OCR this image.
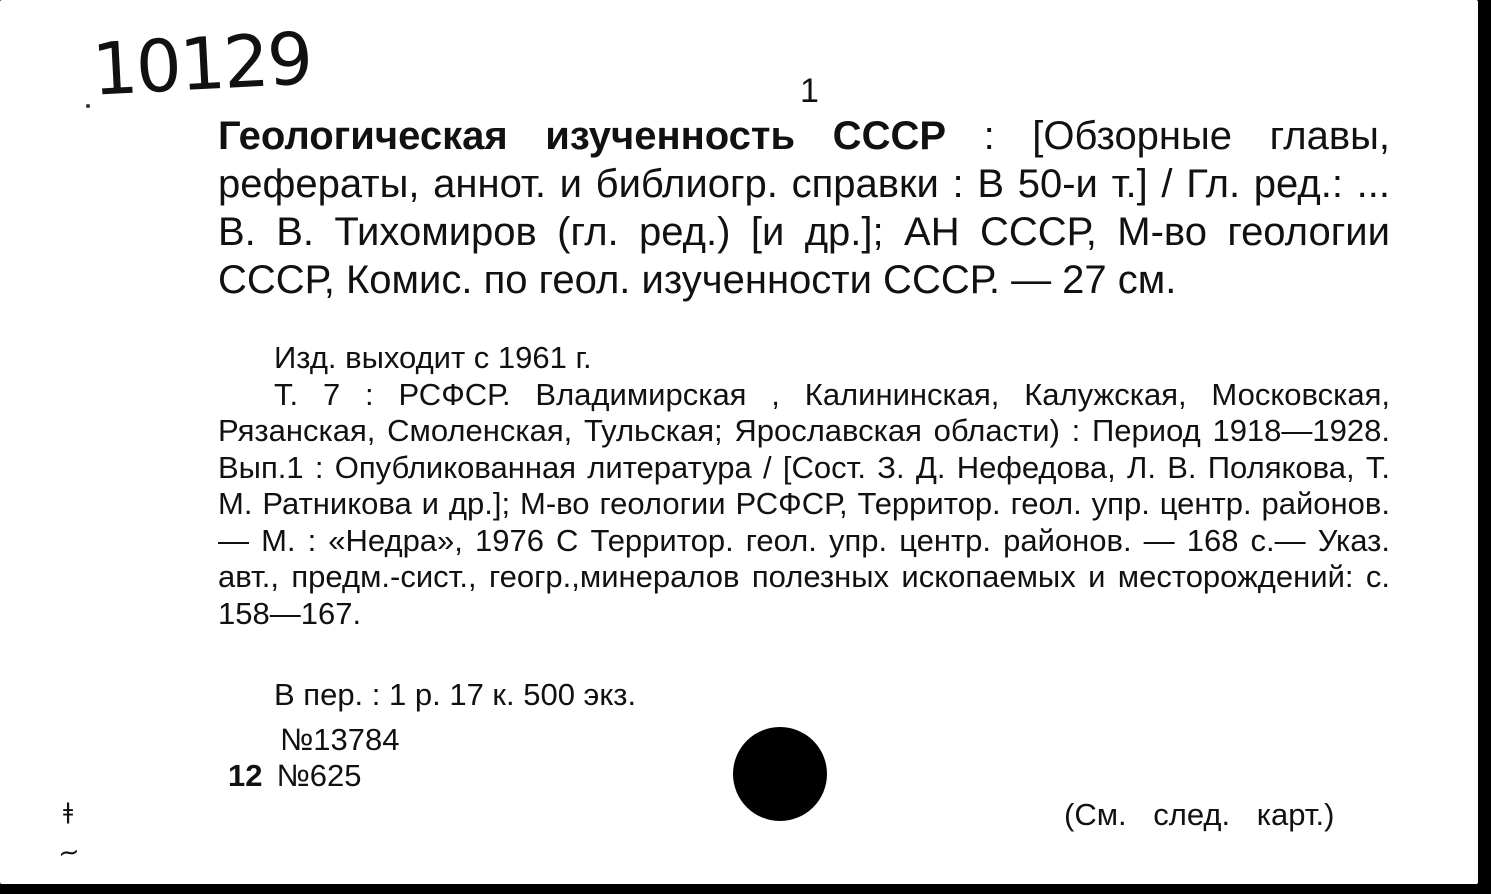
10129	1
Геологическая изученность СССР : [Обзорные главы, рефераты, аннот. и библиогр. справки : В 50-и т.] / Гл. ред.: ... В. В. Тихомиров (гл. ред.) [и др.]; АН СССР, М-во геологии СССР, Комис. по геол. изученности СССР. — 27 см.

Изд. выходит с 1961 г.

Т. 7 : РСФСР. Владимирская , Калининская, Калужская, Московская, Рязанская, Смоленская, Тульская; Ярославская области) : Период 1918—1928. Вып.1 : Опубликованная литература / [Сост. З. Д. Нефедова, Л. В. Полякова, Т. М. Ратникова и др.]; М-во геологии РСФСР, Территор. геол. упр. центр. районов. — М. : «Недра», 1976 С Территор. геол. упр. центр. районов. — 168 с.— Указ. авт., предм.-сист., геогр.,минералов полезных ископаемых и месторождений: с. 158—167.

В пер. : 1 р. 17 к. 500 экз.
№13784
12 №625
(См. след. карт.)
ǂ
~
